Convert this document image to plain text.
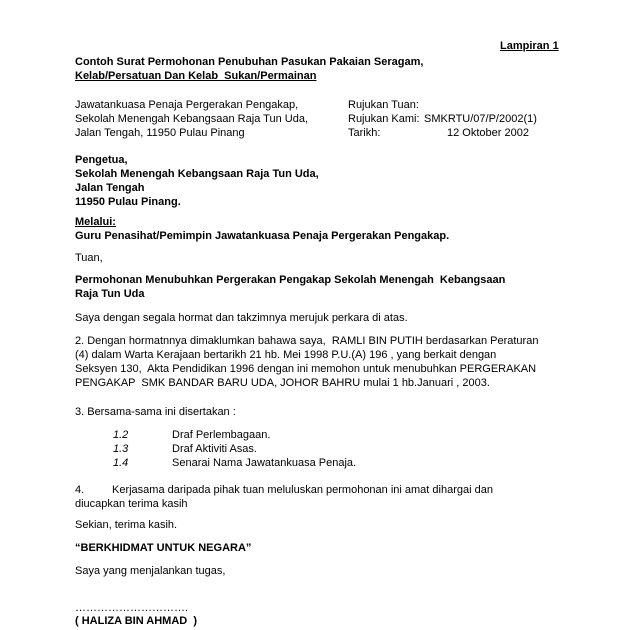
Lampiran 1
Contoh Surat Permohonan Penubuhan Pasukan Pakaian Seragam,
Kelab/Persatuan Dan Kelab  Sukan/Permainan
Jawatankuasa Penaja Pergerakan Pengakap,
Sekolah Menengah Kebangsaan Raja Tun Uda,
Jalan Tengah, 11950 Pulau Pinang
Rujukan Tuan:
Rujukan Kami: SMKRTU/07/P/2002(1)
Tarikh:	12 Oktober 2002
Pengetua,
Sekolah Menengah Kebangsaan Raja Tun Uda,
Jalan Tengah
11950 Pulau Pinang.
Melalui:
Guru Penasihat/Pemimpin Jawatankuasa Penaja Pergerakan Pengakap.
Tuan,
Permohonan Menubuhkan Pergerakan Pengakap Sekolah Menengah  Kebangsaan
Raja Tun Uda
Saya dengan segala hormat dan takzimnya merujuk perkara di atas.
2. Dengan hormatnnya dimaklumkan bahawa saya,  RAMLI BIN PUTIH berdasarkan Peraturan
(4) dalam Warta Kerajaan bertarikh 21 hb. Mei 1998 P.U.(A) 196 , yang berkait dengan
Seksyen 130,  Akta Pendidikan 1996 dengan ini memohon untuk menubuhkan PERGERAKAN
PENGAKAP  SMK BANDAR BARU UDA, JOHOR BAHRU mulai 1 hb.Januari , 2003.
3. Bersama-sama ini disertakan :
1.2	Draf Perlembagaan.
1.3	Draf Aktiviti Asas.
1.4	Senarai Nama Jawatankuasa Penaja.
4.	Kerjasama daripada pihak tuan meluluskan permohonan ini amat dihargai dan
diucapkan terima kasih
Sekian, terima kasih.
“BERKHIDMAT UNTUK NEGARA”
Saya yang menjalankan tugas,
………………………….
( HALIZA BIN AHMAD  )
